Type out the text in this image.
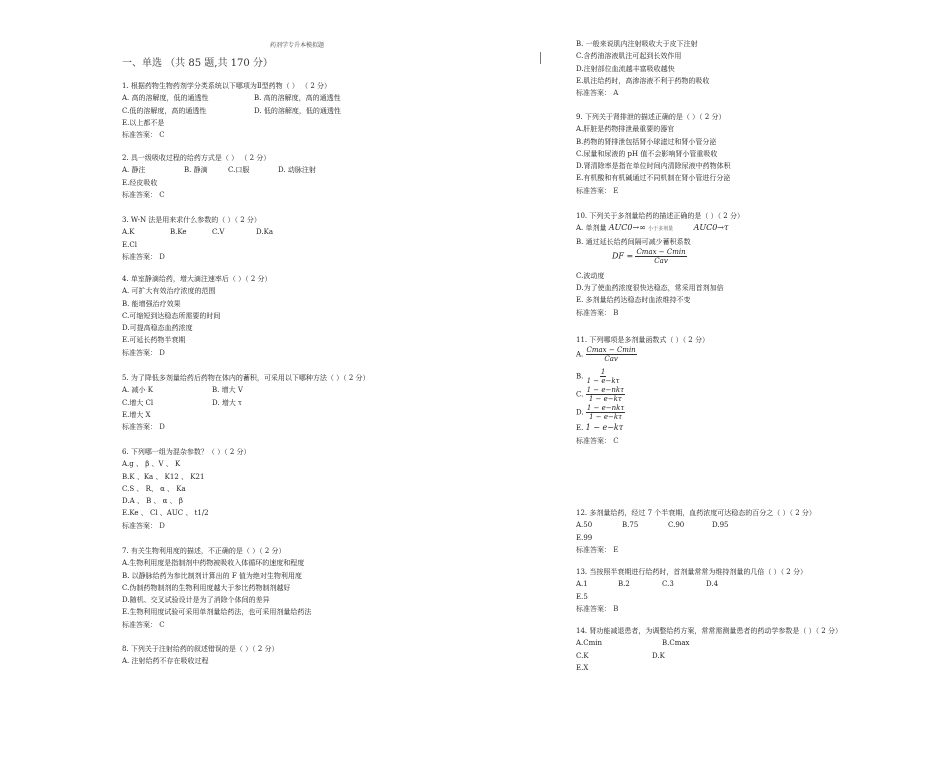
药剂学专升本模拟题
一、单选 （共 85 题,共 170 分）
1. 根据药物生物药剂学分类系统以下哪项为Ⅱ型药物（ ） （ 2 分）
A. 高的溶解度，低的通透性	B. 高的溶解度，高的通透性
C.低的溶解度，高的通透性	D. 低的溶解度，低的通透性
E.以上都不是
标准答案： C
2. 具一级吸收过程的给药方式是（ ） （ 2 分）
A. 静注	B. 静滴	C.口服	D. 动脉注射
E.经皮吸收
标准答案： C
3. W-N 法是用来求什么参数的（ ）（ 2 分）
A.K	B.Ke	C.V	D.Ka
E.Cl
标准答案： D
4. 单室静滴给药，增大滴注速率后（ ）（ 2 分）
A. 可扩大有效治疗浓度的范围
B. 能增强治疗效果
C.可缩短到达稳态所需要的时间
D.可提高稳态血药浓度
E.可延长药物半衰期
标准答案： D
5. 为了降低多剂量给药后药物在体内的蓄积，可采用以下哪种方法（ ）（ 2 分）
A. 减小 K	B. 增大 V
C.增大 Cl	D. 增大 τ
E.增大 X
标准答案： D
6. 下列哪一组为混杂参数？（ ）（ 2 分）
A.g 、 β 、V 、 K
B.K 、Ka 、 K12 、 K21
C.S 、 R、 α 、 Ka
D.A 、 B 、 α 、 β
E.Ke 、 Cl 、AUC 、 t1/2
标准答案： D
7. 有关生物利用度的描述，不正确的是（ ）（ 2 分）
A.生物利用度是指制剂中药物被吸收入体循环的速度和程度
B. 以静脉给药为参比制剂计算出的 F 值为绝对生物利用度
C.伪制药物制剂的生物利用度越大于参比药物制剂越好
D.随机、交叉试验设计是为了消除个体间的差异
E.生物利用度试验可采用单剂量给药法，也可采用剂量给药法
标准答案： C
8. 下列关于注射给药的叙述错误的是（ ）（ 2 分）
A. 注射给药不存在吸收过程
B. 一般来说肌内注射吸收大于皮下注射
C.含药油溶液肌注可起到长效作用
D.注射部位血流越丰富吸收越快
E.肌注给药时，高渗溶液不利于药物的吸收
标准答案： A
9. 下列关于肾排泄的描述正确的是（ ）（ 2 分）
A.肝脏是药物排泄最重要的器官
B.药物的肾排泄包括肾小球滤过和肾小管分泌
C.尿量和尿液的 pH 值不会影响肾小管重吸收
D.肾清除率是指在单位时间内清除尿液中药物体积
E.有机酸和有机碱通过不同机制在肾小管进行分泌
标准答案： E
10. 下列关于多剂量给药的描述正确的是（ ）（ 2 分）
A. 单剂量 AUC0→∞ 小于多剂量	AUC0→τ
B. 通过延长给药间隔可减少蓄积系数
DF = $\frac{Cmax - Cmin}{\text{Cav}}$
C.波动度
D.为了使血药浓度很快达稳态，常采用首剂加倍
E. 多剂量给药达稳态时血浓维持不变
标准答案： B
11. 下列哪项是多剂量函数式（ ）（ 2 分）
A. $\frac{Cmax - Cmin}{\text{Cav}}$
B. $\frac{1}{1 - e-k\tau}$
C. $\frac{\text{1 − e−nkτ}}{1 - e-k\tau}$
D. $\frac{\text{1 − e−nkτ}}{1 - e-k\tau}$
E. 1 − e−kτ
标准答案： C
12. 多剂量给药，经过 7 个半衰期，血药浓度可达稳态的百分之（ ）（ 2 分）
A.50	B.75	C.90	D.95
E.99
标准答案： E
13. 当按照半衰期进行给药时，首剂量常常为维持剂量的几倍（ ）（ 2 分）
A.1	B.2	C.3	D.4
E.5
标准答案： B
14. 肾功能减退患者，为调整给药方案，常常需测量患者的药动学参数是（ ）（ 2 分）
A.Cmin	B.Cmax
C.K	D.K
E.X
